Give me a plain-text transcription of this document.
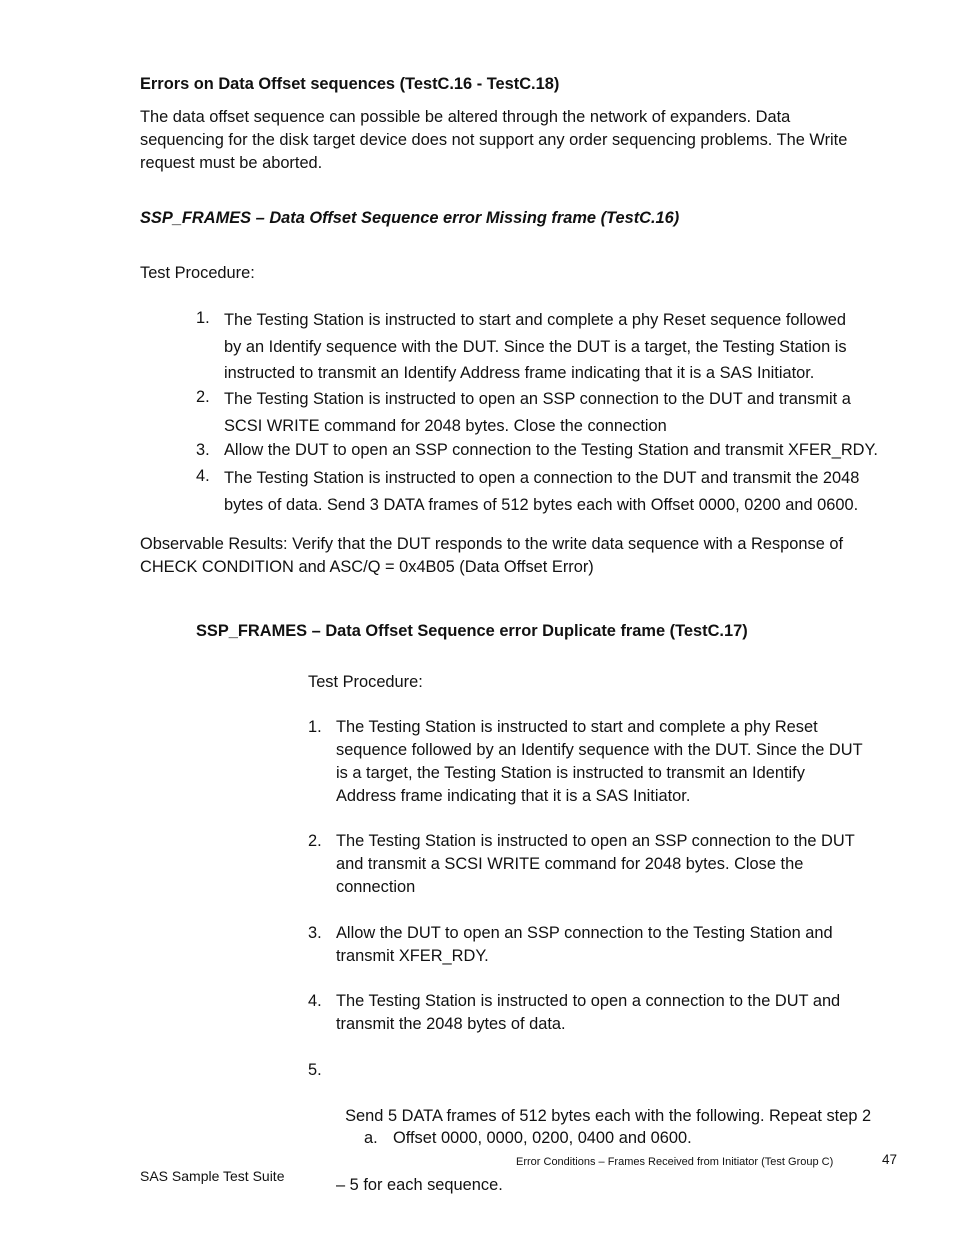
Errors on Data Offset sequences (TestC.16 - TestC.18)
The data offset sequence can possible be altered through the network of expanders. Data
sequencing for the disk target device does not support any order sequencing problems. The Write
request must be aborted.
SSP_FRAMES – Data Offset Sequence error Missing frame (TestC.16)
Test Procedure:
1. The Testing Station is instructed to start and complete a phy Reset sequence followed
by an Identify sequence with the DUT. Since the DUT is a target, the Testing Station is
instructed to transmit an Identify Address frame indicating that it is a SAS Initiator.
2. The Testing Station is instructed to open an SSP connection to the DUT and transmit a
SCSI WRITE command for 2048 bytes. Close the connection
3. Allow the DUT to open an SSP connection to the Testing Station and transmit XFER_RDY.
4. The Testing Station is instructed to open a connection to the DUT and transmit the 2048
bytes of data. Send 3 DATA frames of 512 bytes each with Offset 0000, 0200 and 0600.
Observable Results: Verify that the DUT responds to the write data sequence with a Response of
CHECK CONDITION and ASC/Q = 0x4B05 (Data Offset Error)
SSP_FRAMES – Data Offset Sequence error Duplicate frame (TestC.17)
Test Procedure:
1. The Testing Station is instructed to start and complete a phy Reset
sequence followed by an Identify sequence with the DUT. Since the DUT
is a target, the Testing Station is instructed to transmit an Identify
Address frame indicating that it is a SAS Initiator.
2. The Testing Station is instructed to open an SSP connection to the DUT
and transmit a SCSI WRITE command for 2048 bytes. Close the
connection
3. Allow the DUT to open an SSP connection to the Testing Station and
transmit XFER_RDY.
4. The Testing Station is instructed to open a connection to the DUT and
transmit the 2048 bytes of data.
5.

Send 5 DATA frames of 512 bytes each with the following. Repeat step 2

– 5 for each sequence.

a. Offset 0000, 0000, 0200, 0400 and 0600.
Error Conditions – Frames Received from Initiator (Test Group C)	47
SAS Sample Test Suite
